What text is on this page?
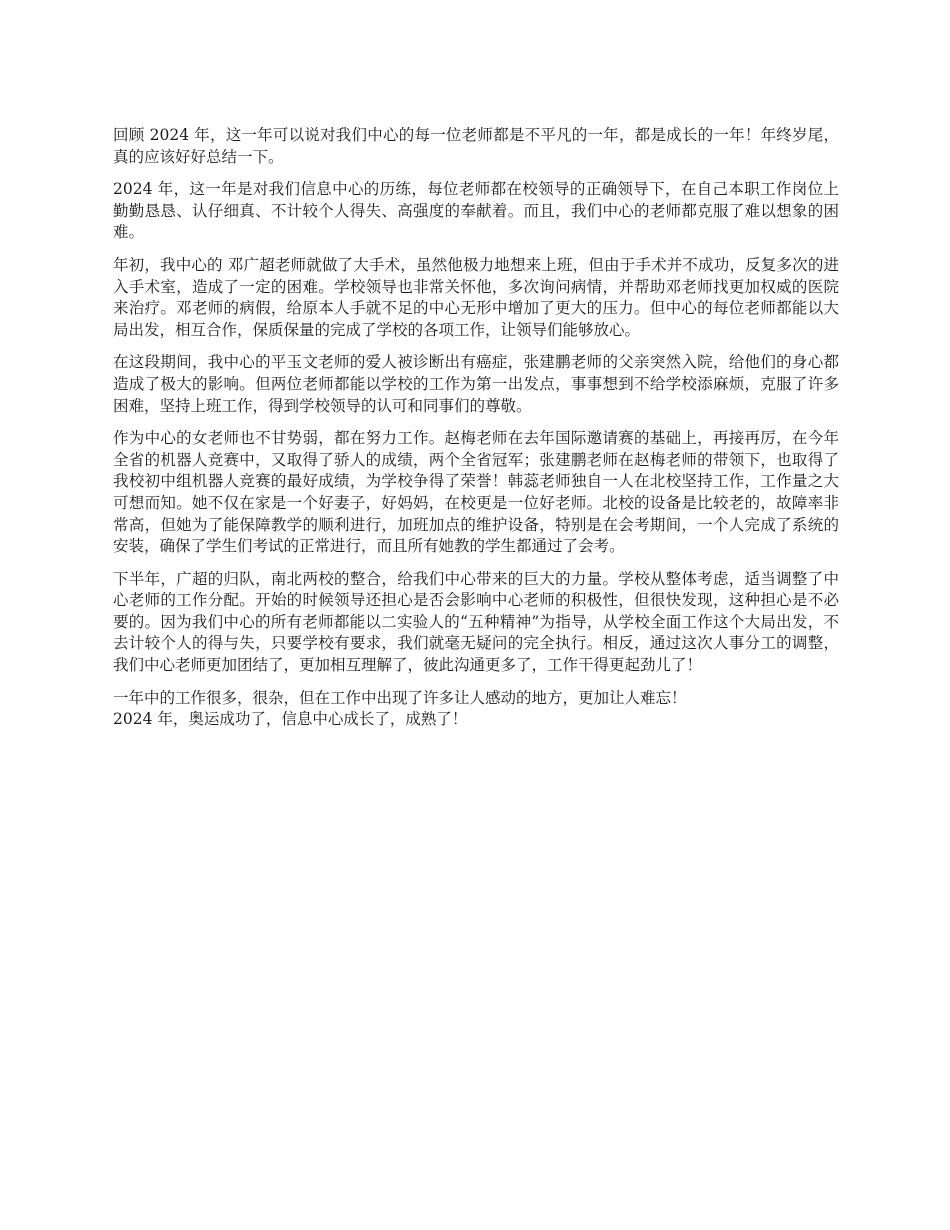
回顾 2024 年，这一年可以说对我们中心的每一位老师都是不平凡的一年，都是成长的一年！年终岁尾，真的应该好好总结一下。

2024 年，这一年是对我们信息中心的历练，每位老师都在校领导的正确领导下，在自己本职工作岗位上勤勤恳恳、认仔细真、不计较个人得失、高强度的奉献着。而且，我们中心的老师都克服了难以想象的困难。

年初，我中心的 邓广超老师就做了大手术，虽然他极力地想来上班，但由于手术并不成功，反复多次的进入手术室，造成了一定的困难。学校领导也非常关怀他，多次询问病情，并帮助邓老师找更加权威的医院来治疗。邓老师的病假，给原本人手就不足的中心无形中增加了更大的压力。但中心的每位老师都能以大局出发，相互合作，保质保量的完成了学校的各项工作，让领导们能够放心。

在这段期间，我中心的平玉文老师的爱人被诊断出有癌症，张建鹏老师的父亲突然入院，给他们的身心都造成了极大的影响。但两位老师都能以学校的工作为第一出发点，事事想到不给学校添麻烦，克服了许多困难，坚持上班工作，得到学校领导的认可和同事们的尊敬。

作为中心的女老师也不甘势弱，都在努力工作。赵梅老师在去年国际邀请赛的基础上，再接再厉，在今年全省的机器人竞赛中，又取得了骄人的成绩，两个全省冠军；张建鹏老师在赵梅老师的带领下，也取得了我校初中组机器人竞赛的最好成绩，为学校争得了荣誉！韩蕊老师独自一人在北校坚持工作，工作量之大可想而知。她不仅在家是一个好妻子，好妈妈，在校更是一位好老师。北校的设备是比较老的，故障率非常高，但她为了能保障教学的顺利进行，加班加点的维护设备，特别是在会考期间，一个人完成了系统的安装，确保了学生们考试的正常进行，而且所有她教的学生都通过了会考。

下半年，广超的归队，南北两校的整合，给我们中心带来的巨大的力量。学校从整体考虑，适当调整了中心老师的工作分配。开始的时候领导还担心是否会影响中心老师的积极性，但很快发现，这种担心是不必要的。因为我们中心的所有老师都能以二实验人的“五种精神”为指导，从学校全面工作这个大局出发，不去计较个人的得与失，只要学校有要求，我们就毫无疑问的完全执行。相反，通过这次人事分工的调整，我们中心老师更加团结了，更加相互理解了，彼此沟通更多了，工作干得更起劲儿了！

一年中的工作很多，很杂，但在工作中出现了许多让人感动的地方，更加让人难忘！
2024 年，奥运成功了，信息中心成长了，成熟了！
